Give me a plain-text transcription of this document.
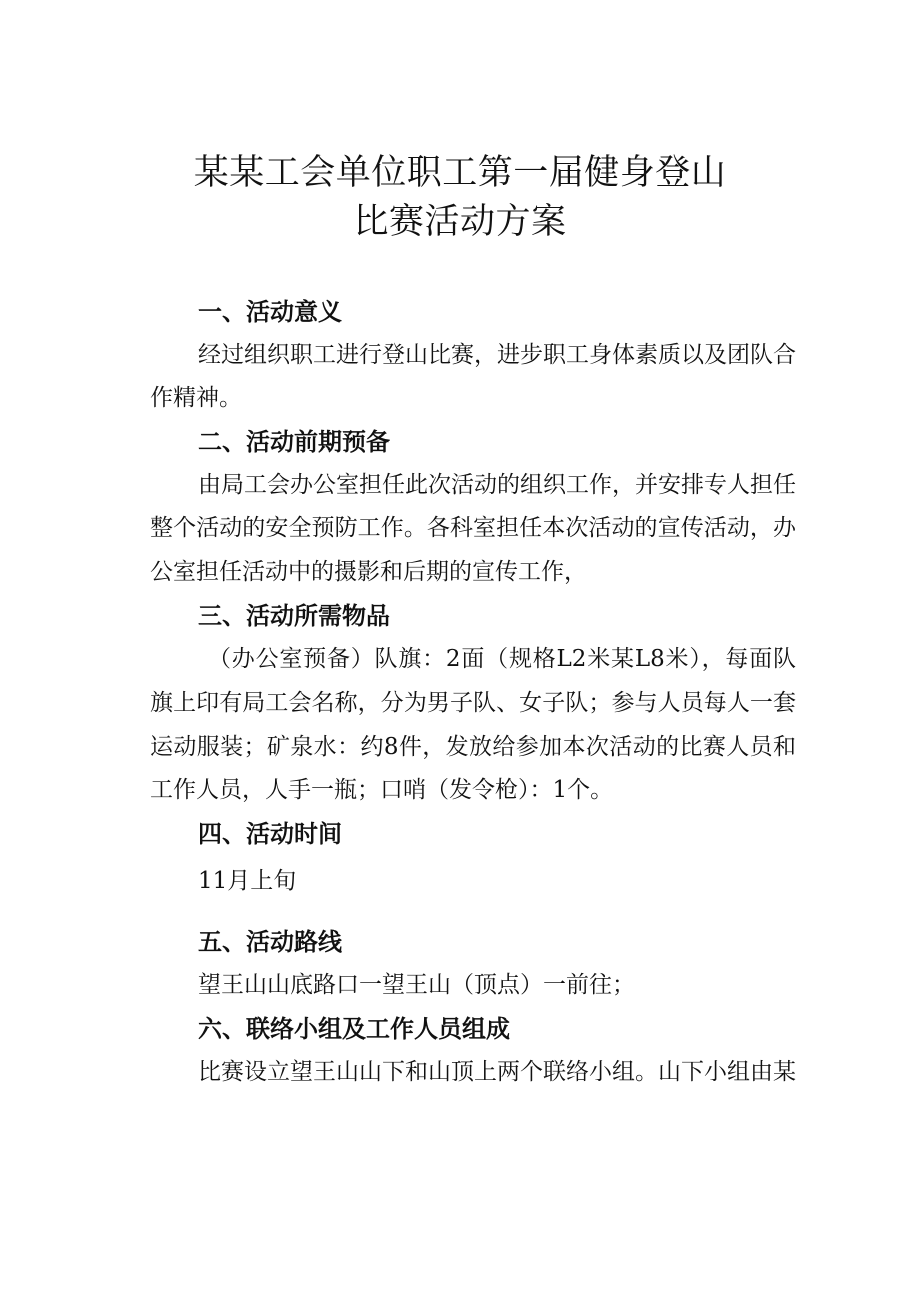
某某工会单位职工第一届健身登山
比赛活动方案
一、活动意义

经过组织职工进行登山比赛，进步职工身体素质以及团队合

作精神。

二、活动前期预备

由局工会办公室担任此次活动的组织工作，并安排专人担任

整个活动的安全预防工作。各科室担任本次活动的宣传活动，办

公室担任活动中的摄影和后期的宣传工作，

三、活动所需物品

（办公室预备）队旗：2面（规格L2米某L8米），每面队

旗上印有局工会名称，分为男子队、女子队；参与人员每人一套

运动服装；矿泉水：约8件，发放给参加本次活动的比赛人员和

工作人员，人手一瓶；口哨（发令枪）：1个。

四、活动时间

11月上旬

五、活动路线

望王山山底路口一望王山（顶点）一前往；

六、联络小组及工作人员组成

比赛设立望王山山下和山顶上两个联络小组。山下小组由某
